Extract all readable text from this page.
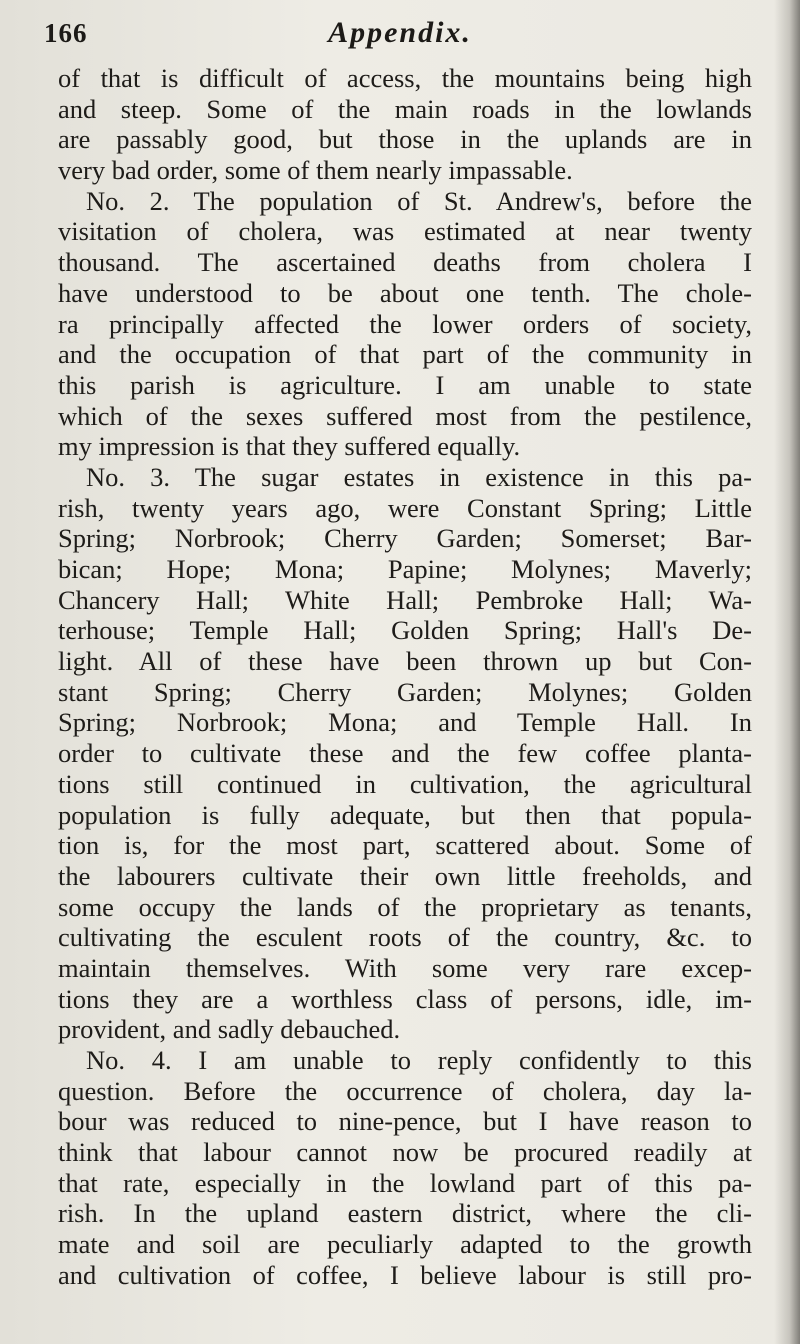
166	Appendix.
of that is difficult of access, the mountains being high
and steep. Some of the main roads in the lowlands
are passably good, but those in the uplands are in
very bad order, some of them nearly impassable.
No. 2. The population of St. Andrew's, before the
visitation of cholera, was estimated at near twenty
thousand. The ascertained deaths from cholera I
have understood to be about one tenth. The chole-
ra principally affected the lower orders of society,
and the occupation of that part of the community in
this parish is agriculture. I am unable to state
which of the sexes suffered most from the pestilence,
my impression is that they suffered equally.
No. 3. The sugar estates in existence in this pa-
rish, twenty years ago, were Constant Spring; Little
Spring; Norbrook; Cherry Garden; Somerset; Bar-
bican; Hope; Mona; Papine; Molynes; Maverly;
Chancery Hall; White Hall; Pembroke Hall; Wa-
terhouse; Temple Hall; Golden Spring; Hall's De-
light. All of these have been thrown up but Con-
stant Spring; Cherry Garden; Molynes; Golden
Spring; Norbrook; Mona; and Temple Hall. In
order to cultivate these and the few coffee planta-
tions still continued in cultivation, the agricultural
population is fully adequate, but then that popula-
tion is, for the most part, scattered about. Some of
the labourers cultivate their own little freeholds, and
some occupy the lands of the proprietary as tenants,
cultivating the esculent roots of the country, &c. to
maintain themselves. With some very rare excep-
tions they are a worthless class of persons, idle, im-
provident, and sadly debauched.
No. 4. I am unable to reply confidently to this
question. Before the occurrence of cholera, day la-
bour was reduced to nine-pence, but I have reason to
think that labour cannot now be procured readily at
that rate, especially in the lowland part of this pa-
rish. In the upland eastern district, where the cli-
mate and soil are peculiarly adapted to the growth
and cultivation of coffee, I believe labour is still pro-
